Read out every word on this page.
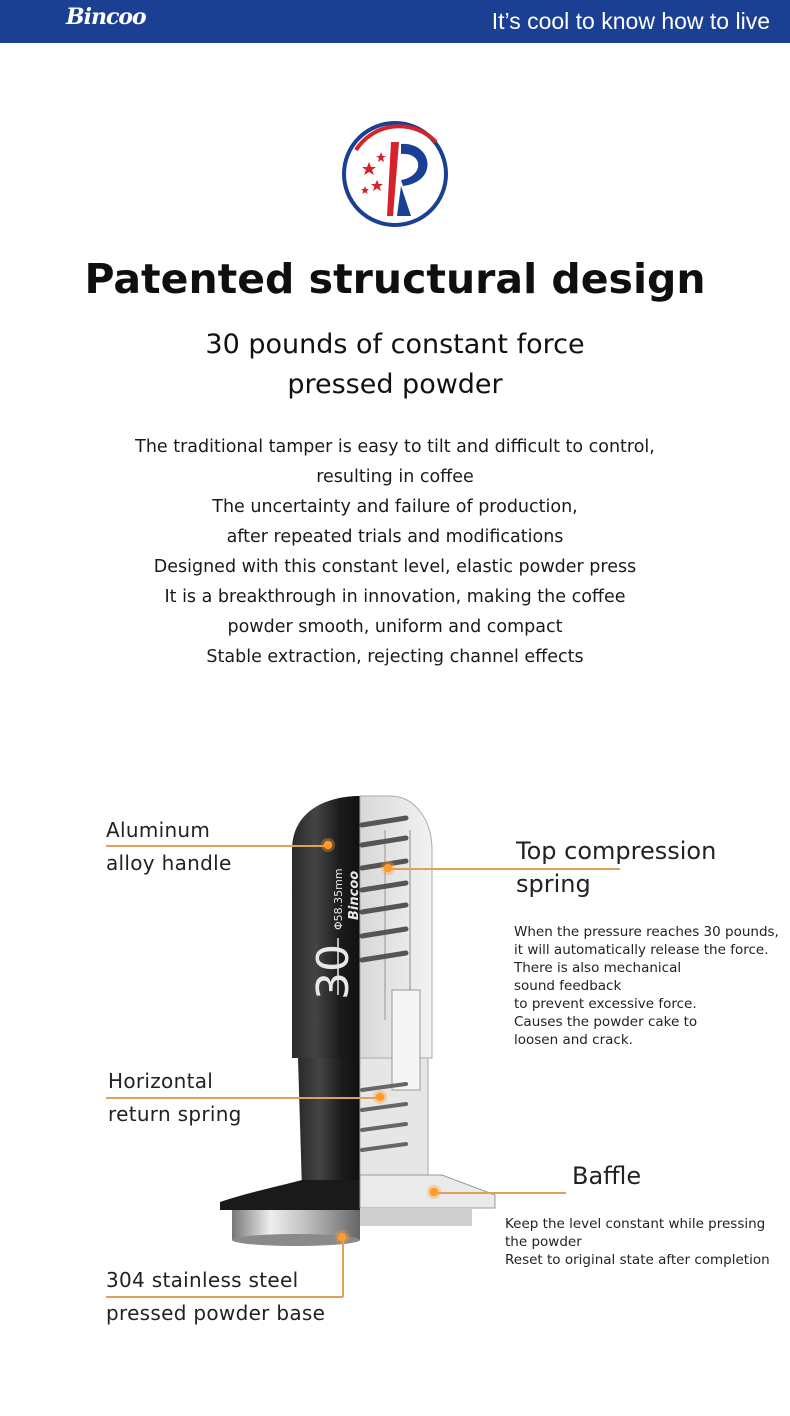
Bincoo	It’s cool to know how to live
Patented structural design
30 pounds of constant force
pressed powder
The traditional tamper is easy to tilt and difficult to control,
resulting in coffee
The uncertainty and failure of production,
after repeated trials and modifications
Designed with this constant level, elastic powder press
It is a breakthrough in innovation, making the coffee
powder smooth, uniform and compact
Stable extraction, rejecting channel effects
30
Φ58.35mm Bincoo
Aluminum
alloy handle	Top compression
spring
When the pressure reaches 30 pounds,
it will automatically release the force.
There is also mechanical
sound feedback
to prevent excessive force.
Causes the powder cake to
loosen and crack.
Horizontal
return spring
Baffle
Keep the level constant while pressing
the powder
Reset to original state after completion
304 stainless steel
pressed powder base
